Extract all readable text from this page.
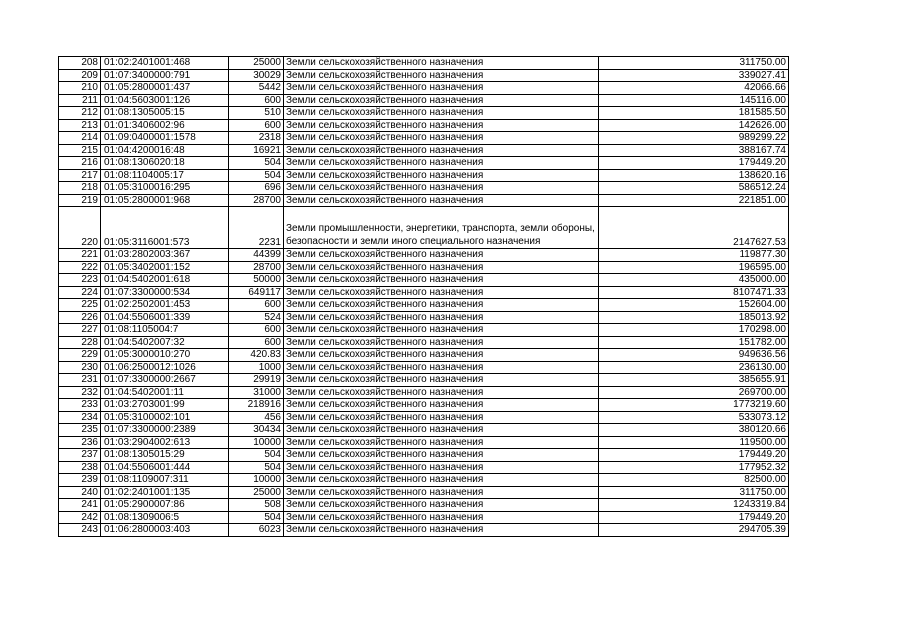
208	01:02:2401001:468	25000	Земли сельскохозяйственного назначения	311750.00
209	01:07:3400000:791	30029	Земли сельскохозяйственного назначения	339027.41
210	01:05:2800001:437	5442	Земли сельскохозяйственного назначения	42066.66
211	01:04:5603001:126	600	Земли сельскохозяйственного назначения	145116.00
212	01:08:1305005:15	510	Земли сельскохозяйственного назначения	181585.50
213	01:01:3406002:96	600	Земли сельскохозяйственного назначения	142626.00
214	01:09:0400001:1578	2318	Земли сельскохозяйственного назначения	989299.22
215	01:04:4200016:48	16921	Земли сельскохозяйственного назначения	388167.74
216	01:08:1306020:18	504	Земли сельскохозяйственного назначения	179449.20
217	01:08:1104005:17	504	Земли сельскохозяйственного назначения	138620.16
218	01:05:3100016:295	696	Земли сельскохозяйственного назначения	586512.24
219	01:05:2800001:968	28700	Земли сельскохозяйственного назначения	221851.00
220	01:05:3116001:573	2231	Земли промышленности, энергетики, транспорта, земли обороны, безопасности и земли иного специального назначения	2147627.53
221	01:03:2802003:367	44399	Земли сельскохозяйственного назначения	119877.30
222	01:05:3402001:152	28700	Земли сельскохозяйственного назначения	196595.00
223	01:04:5402001:618	50000	Земли сельскохозяйственного назначения	435000.00
224	01:07:3300000:534	649117	Земли сельскохозяйственного назначения	8107471.33
225	01:02:2502001:453	600	Земли сельскохозяйственного назначения	152604.00
226	01:04:5506001:339	524	Земли сельскохозяйственного назначения	185013.92
227	01:08:1105004:7	600	Земли сельскохозяйственного назначения	170298.00
228	01:04:5402007:32	600	Земли сельскохозяйственного назначения	151782.00
229	01:05:3000010:270	420.83	Земли сельскохозяйственного назначения	949636.56
230	01:06:2500012:1026	1000	Земли сельскохозяйственного назначения	236130.00
231	01:07:3300000:2667	29919	Земли сельскохозяйственного назначения	385655.91
232	01:04:5402001:11	31000	Земли сельскохозяйственного назначения	269700.00
233	01:03:2703001:99	218916	Земли сельскохозяйственного назначения	1773219.60
234	01:05:3100002:101	456	Земли сельскохозяйственного назначения	533073.12
235	01:07:3300000:2389	30434	Земли сельскохозяйственного назначения	380120.66
236	01:03:2904002:613	10000	Земли сельскохозяйственного назначения	119500.00
237	01:08:1305015:29	504	Земли сельскохозяйственного назначения	179449.20
238	01:04:5506001:444	504	Земли сельскохозяйственного назначения	177952.32
239	01:08:1109007:311	10000	Земли сельскохозяйственного назначения	82500.00
240	01:02:2401001:135	25000	Земли сельскохозяйственного назначения	311750.00
241	01:05:2900007:86	508	Земли сельскохозяйственного назначения	1243319.84
242	01:08:1309006:5	504	Земли сельскохозяйственного назначения	179449.20
243	01:06:2800003:403	6023	Земли сельскохозяйственного назначения	294705.39
